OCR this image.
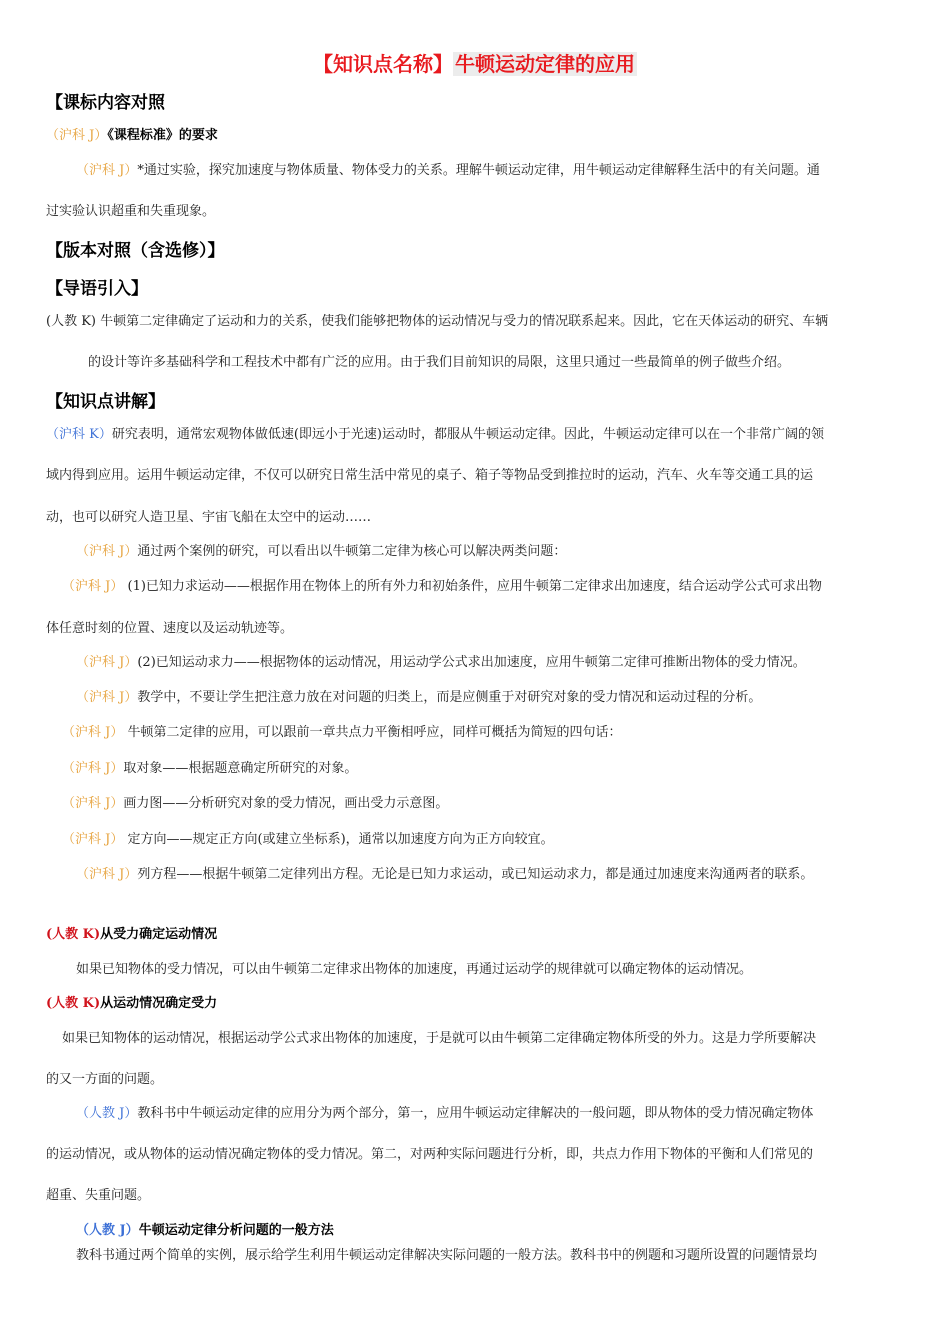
【知识点名称】 牛顿运动定律的应用
【课标内容对照
（沪科 J）《课程标准》的要求
（沪科 J）*通过实验，探究加速度与物体质量、物体受力的关系。理解牛顿运动定律，用牛顿运动定律解释生活中的有关问题。通
过实验认识超重和失重现象。
【版本对照（含选修）】
【导语引入】
(人教 K) 牛顿第二定律确定了运动和力的关系，使我们能够把物体的运动情况与受力的情况联系起来。因此，它在天体运动的研究、车辆
的设计等许多基础科学和工程技术中都有广泛的应用。由于我们目前知识的局限，这里只通过一些最简单的例子做些介绍。
【知识点讲解】
（沪科 K）研究表明，通常宏观物体做低速(即远小于光速)运动时，都服从牛顿运动定律。因此，牛顿运动定律可以在一个非常广阔的领
域内得到应用。运用牛顿运动定律，不仅可以研究日常生活中常见的桌子、箱子等物品受到推拉时的运动，汽车、火车等交通工具的运
动，也可以研究人造卫星、宇宙飞船在太空中的运动……
（沪科 J）通过两个案例的研究，可以看出以牛顿第二定律为核心可以解决两类问题：
（沪科 J） (1)已知力求运动——根据作用在物体上的所有外力和初始条件，应用牛顿第二定律求出加速度，结合运动学公式可求出物
体任意时刻的位置、速度以及运动轨迹等。
（沪科 J）(2)已知运动求力——根据物体的运动情况，用运动学公式求出加速度，应用牛顿第二定律可推断出物体的受力情况。
（沪科 J）教学中，不要让学生把注意力放在对问题的归类上，而是应侧重于对研究对象的受力情况和运动过程的分析。
（沪科 J） 牛顿第二定律的应用，可以跟前一章共点力平衡相呼应，同样可概括为简短的四句话：
（沪科 J）取对象——根据题意确定所研究的对象。
（沪科 J）画力图——分析研究对象的受力情况，画出受力示意图。
（沪科 J） 定方向——规定正方向(或建立坐标系)，通常以加速度方向为正方向较宜。
（沪科 J）列方程——根据牛顿第二定律列出方程。无论是已知力求运动，或已知运动求力，都是通过加速度来沟通两者的联系。
(人教 K)从受力确定运动情况
如果已知物体的受力情况，可以由牛顿第二定律求出物体的加速度，再通过运动学的规律就可以确定物体的运动情况。
(人教 K)从运动情况确定受力
如果已知物体的运动情况，根据运动学公式求出物体的加速度，于是就可以由牛顿第二定律确定物体所受的外力。这是力学所要解决
的又一方面的问题。
（人教 J）教科书中牛顿运动定律的应用分为两个部分，第一，应用牛顿运动定律解决的一般问题，即从物体的受力情况确定物体
的运动情况，或从物体的运动情况确定物体的受力情况。第二，对两种实际问题进行分析，即，共点力作用下物体的平衡和人们常见的
超重、失重问题。
（人教 J）牛顿运动定律分析问题的一般方法
教科书通过两个简单的实例，展示给学生利用牛顿运动定律解决实际问题的一般方法。教科书中的例题和习题所设置的问题情景均
